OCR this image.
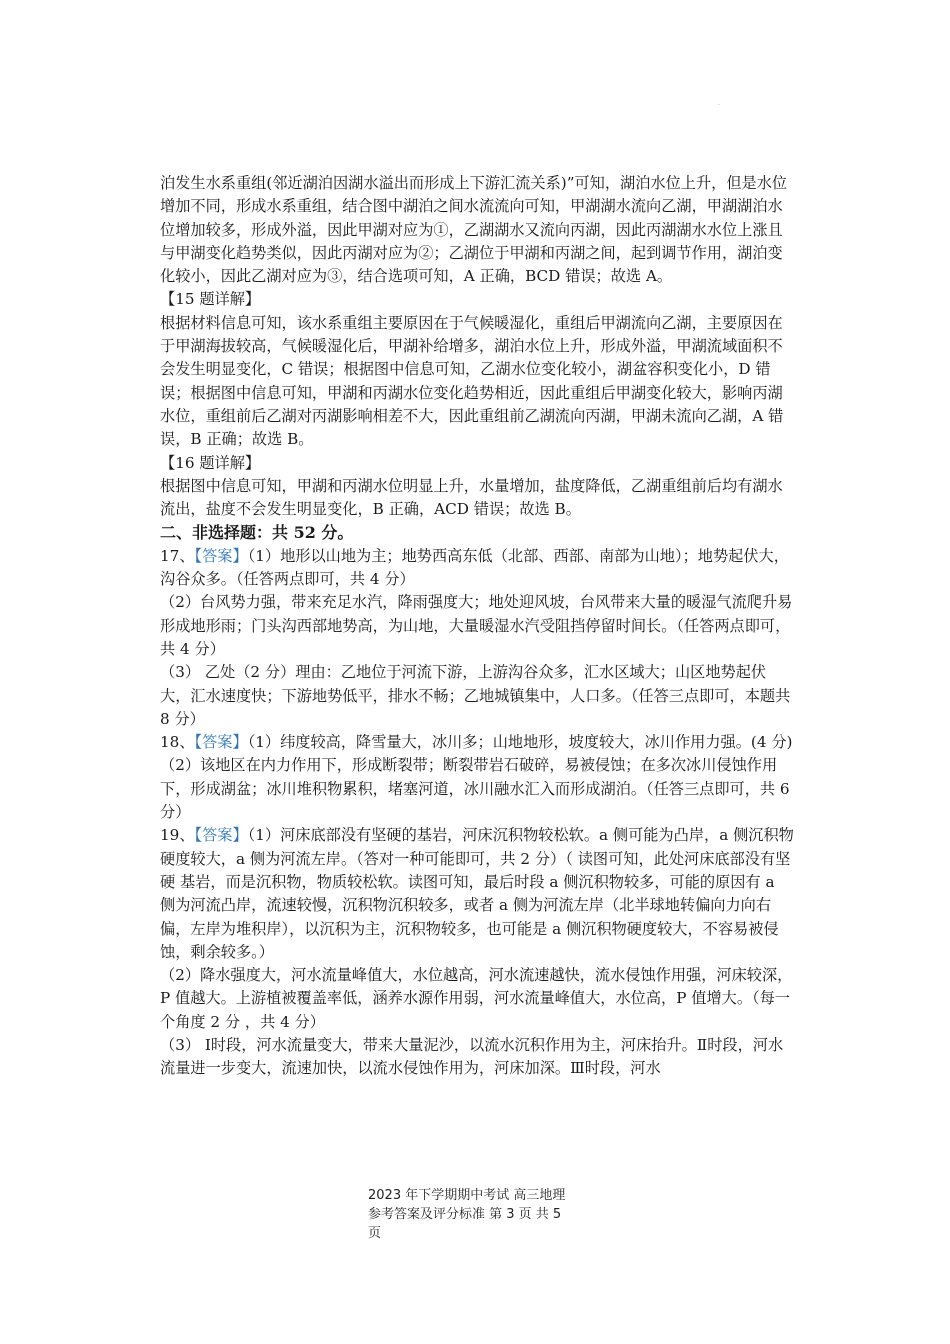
.

泊发生水系重组(邻近湖泊因湖水溢出而形成上下游汇流关系)”可知，湖泊水位上升，但是水位增加不同，形成水系重组，结合图中湖泊之间水流流向可知，甲湖湖水流向乙湖，甲湖湖泊水位增加较多，形成外溢，因此甲湖对应为①，乙湖湖水又流向丙湖，因此丙湖湖水水位上涨且与甲湖变化趋势类似，因此丙湖对应为②；乙湖位于甲湖和丙湖之间，起到调节作用，湖泊变化较小，因此乙湖对应为③，结合选项可知，A 正确，BCD 错误；故选 A。

【15 题详解】

根据材料信息可知，该水系重组主要原因在于气候暖湿化，重组后甲湖流向乙湖，主要原因在于甲湖海拔较高，气候暖湿化后，甲湖补给增多，湖泊水位上升，形成外溢，甲湖流域面积不会发生明显变化，C 错误；根据图中信息可知，乙湖水位变化较小，湖盆容积变化小，D 错误；根据图中信息可知，甲湖和丙湖水位变化趋势相近，因此重组后甲湖变化较大，影响丙湖水位，重组前后乙湖对丙湖影响相差不大，因此重组前乙湖流向丙湖，甲湖未流向乙湖，A 错误，B 正确；故选 B。

【16 题详解】

根据图中信息可知，甲湖和丙湖水位明显上升，水量增加，盐度降低，乙湖重组前后均有湖水流出，盐度不会发生明显变化，B 正确，ACD 错误；故选 B。

二、非选择题：共 52 分。

17、【答案】（1）地形以山地为主；地势西高东低（北部、西部、南部为山地）；地势起伏大，沟谷众多。（任答两点即可，共 4 分）

（2）台风势力强，带来充足水汽，降雨强度大；地处迎风坡，台风带来大量的暖湿气流爬升易形成地形雨；门头沟西部地势高，为山地，大量暖湿水汽受阻挡停留时间长。（任答两点即可，共 4 分）

（3） 乙处（2 分）理由：乙地位于河流下游，上游沟谷众多，汇水区域大；山区地势起伏大，汇水速度快；下游地势低平，排水不畅；乙地城镇集中，人口多。（任答三点即可，本题共 8 分）

18、【答案】（1）纬度较高，降雪量大，冰川多；山地地形，坡度较大，冰川作用力强。(4 分)

（2）该地区在内力作用下，形成断裂带；断裂带岩石破碎，易被侵蚀；在多次冰川侵蚀作用下，形成湖盆；冰川堆积物累积，堵塞河道，冰川融水汇入而形成湖泊。（任答三点即可，共 6 分）

19、【答案】（1）河床底部没有坚硬的基岩，河床沉积物较松软。a 侧可能为凸岸，a 侧沉积物硬度较大，a 侧为河流左岸。（答对一种可能即可，共 2 分）（ 读图可知，此处河床底部没有坚硬 基岩，而是沉积物，物质较松软。读图可知，最后时段 a 侧沉积物较多，可能的原因有 a 侧为河流凸岸，流速较慢，沉积物沉积较多，或者 a 侧为河流左岸（北半球地转偏向力向右偏，左岸为堆积岸），以沉积为主，沉积物较多，也可能是 a 侧沉积物硬度较大，不容易被侵蚀，剩余较多。）

（2）降水强度大，河水流量峰值大，水位越高，河水流速越快，流水侵蚀作用强，河床较深，P 值越大。上游植被覆盖率低，涵养水源作用弱，河水流量峰值大，水位高，P 值增大。（每一个角度 2 分 ，共 4 分）

（3） Ⅰ时段，河水流量变大，带来大量泥沙，以流水沉积作用为主，河床抬升。Ⅱ时段，河水流量进一步变大，流速加快，以流水侵蚀作用为，河床加深。Ⅲ时段，河水

2023 年下学期期中考试 高三地理
参考答案及评分标准 第 3 页 共 5
页
